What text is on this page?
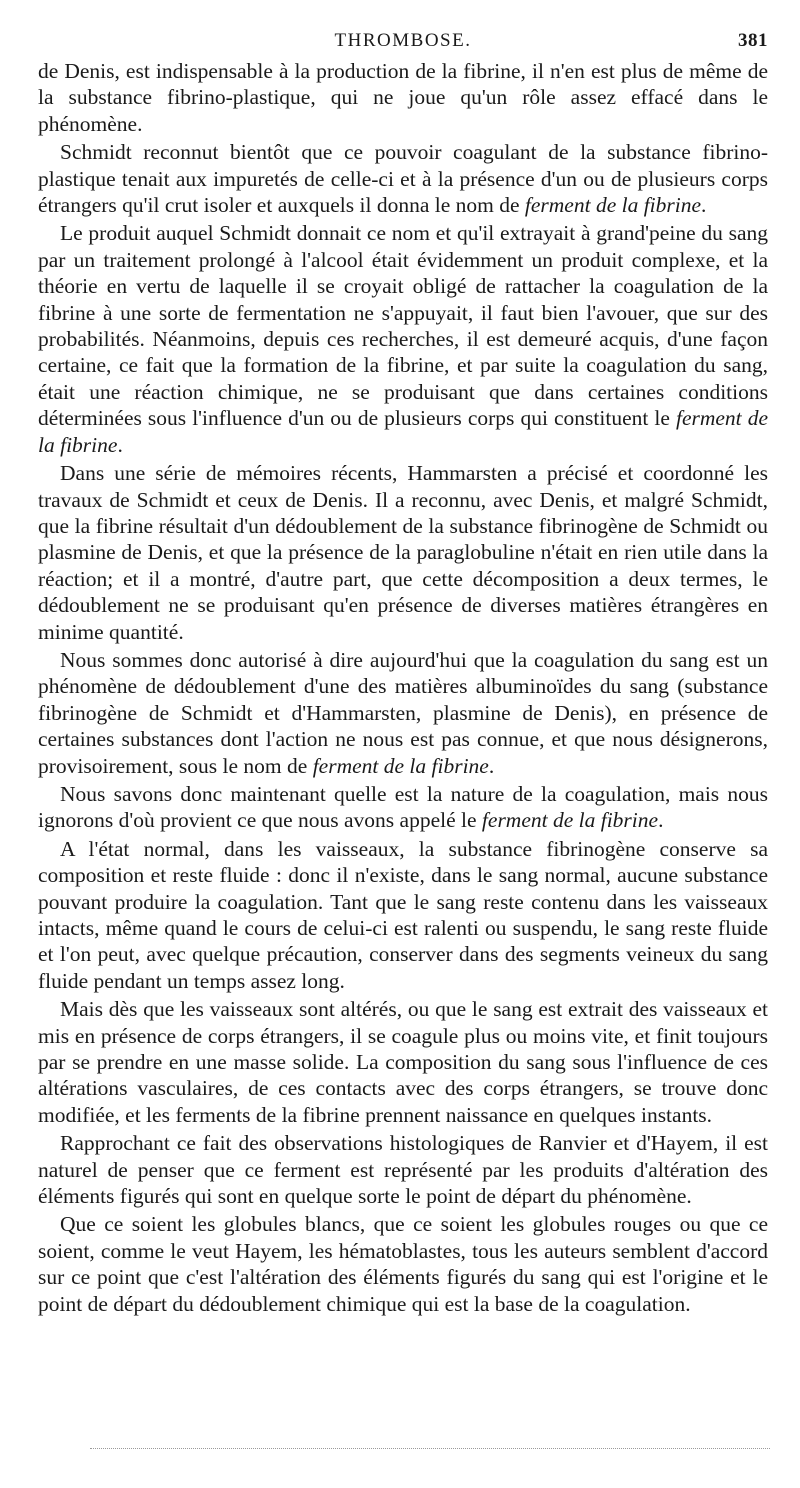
THROMBOSE.	381

de Denis, est indispensable à la production de la fibrine, il n'en est plus de même de la substance fibrino-plastique, qui ne joue qu'un rôle assez effacé dans le phénomène.

Schmidt reconnut bientôt que ce pouvoir coagulant de la substance fibrino-plastique tenait aux impuretés de celle-ci et à la présence d'un ou de plusieurs corps étrangers qu'il crut isoler et auxquels il donna le nom de ferment de la fibrine.

Le produit auquel Schmidt donnait ce nom et qu'il extrayait à grand'peine du sang par un traitement prolongé à l'alcool était évidemment un produit complexe, et la théorie en vertu de laquelle il se croyait obligé de rattacher la coagulation de la fibrine à une sorte de fermentation ne s'appuyait, il faut bien l'avouer, que sur des probabilités. Néanmoins, depuis ces recherches, il est demeuré acquis, d'une façon certaine, ce fait que la formation de la fibrine, et par suite la coagulation du sang, était une réaction chimique, ne se produisant que dans certaines conditions déterminées sous l'influence d'un ou de plusieurs corps qui constituent le ferment de la fibrine.

Dans une série de mémoires récents, Hammarsten a précisé et coordonné les travaux de Schmidt et ceux de Denis. Il a reconnu, avec Denis, et malgré Schmidt, que la fibrine résultait d'un dédoublement de la substance fibrinogène de Schmidt ou plasmine de Denis, et que la présence de la paraglobuline n'était en rien utile dans la réaction; et il a montré, d'autre part, que cette décomposition a deux termes, le dédoublement ne se produisant qu'en présence de diverses matières étrangères en minime quantité.

Nous sommes donc autorisé à dire aujourd'hui que la coagulation du sang est un phénomène de dédoublement d'une des matières albuminoïdes du sang (substance fibrinogène de Schmidt et d'Hammarsten, plasmine de Denis), en présence de certaines substances dont l'action ne nous est pas connue, et que nous désignerons, provisoirement, sous le nom de ferment de la fibrine.

Nous savons donc maintenant quelle est la nature de la coagulation, mais nous ignorons d'où provient ce que nous avons appelé le ferment de la fibrine.

A l'état normal, dans les vaisseaux, la substance fibrinogène conserve sa composition et reste fluide : donc il n'existe, dans le sang normal, aucune substance pouvant produire la coagulation. Tant que le sang reste contenu dans les vaisseaux intacts, même quand le cours de celui-ci est ralenti ou suspendu, le sang reste fluide et l'on peut, avec quelque précaution, conserver dans des segments veineux du sang fluide pendant un temps assez long.

Mais dès que les vaisseaux sont altérés, ou que le sang est extrait des vaisseaux et mis en présence de corps étrangers, il se coagule plus ou moins vite, et finit toujours par se prendre en une masse solide. La composition du sang sous l'influence de ces altérations vasculaires, de ces contacts avec des corps étrangers, se trouve donc modifiée, et les ferments de la fibrine prennent naissance en quelques instants.

Rapprochant ce fait des observations histologiques de Ranvier et d'Hayem, il est naturel de penser que ce ferment est représenté par les produits d'altération des éléments figurés qui sont en quelque sorte le point de départ du phénomène.

Que ce soient les globules blancs, que ce soient les globules rouges ou que ce soient, comme le veut Hayem, les hématoblastes, tous les auteurs semblent d'accord sur ce point que c'est l'altération des éléments figurés du sang qui est l'origine et le point de départ du dédoublement chimique qui est la base de la coagulation.
